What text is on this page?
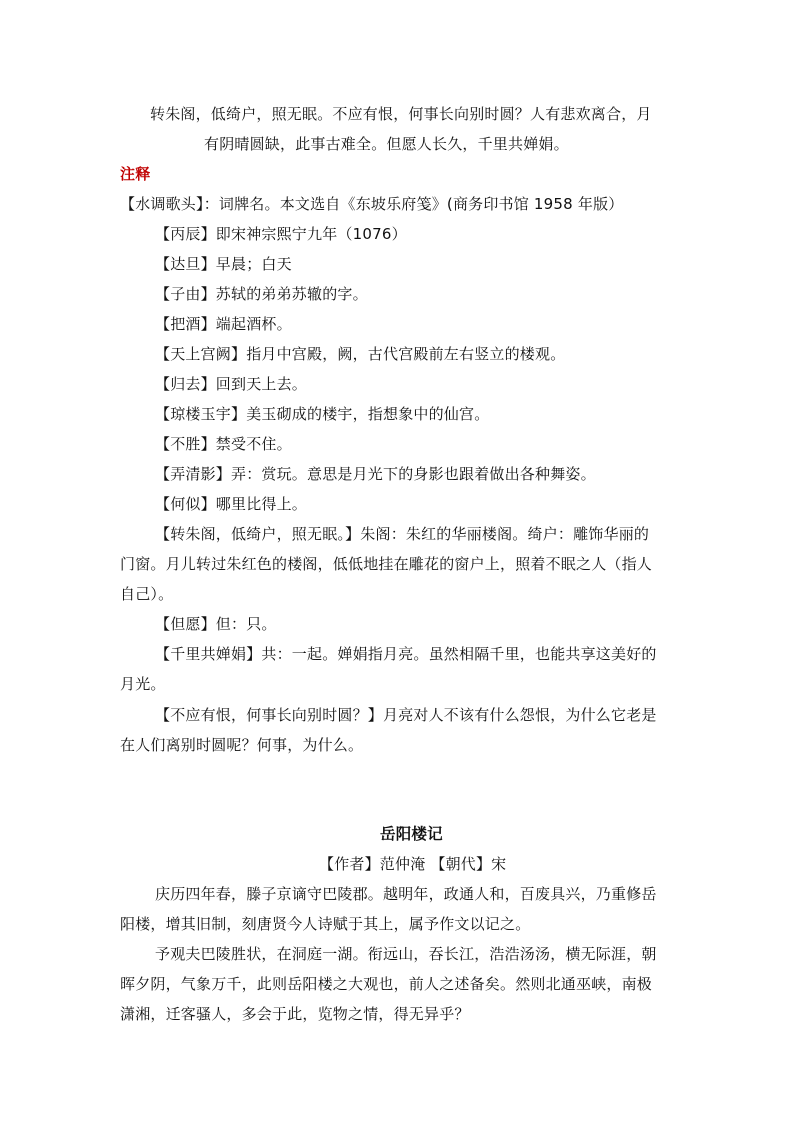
转朱阁，低绮户，照无眠。不应有恨，何事长向别时圆？人有悲欢离合，月
有阴晴圆缺，此事古难全。但愿人长久，千里共婵娟。
注释
【水调歌头】：词牌名。本文选自《东坡乐府笺》(商务印书馆 1958 年版）
【丙辰】即宋神宗熙宁九年（1076）
【达旦】早晨；白天
【子由】苏轼的弟弟苏辙的字。
【把酒】端起酒杯。
【天上宫阙】指月中宫殿，阙，古代宫殿前左右竖立的楼观。
【归去】回到天上去。
【琼楼玉宇】美玉砌成的楼宇，指想象中的仙宫。
【不胜】禁受不住。
【弄清影】弄：赏玩。意思是月光下的身影也跟着做出各种舞姿。
【何似】哪里比得上。
【转朱阁，低绮户，照无眠。】朱阁：朱红的华丽楼阁。绮户：雕饰华丽的
门窗。月儿转过朱红色的楼阁，低低地挂在雕花的窗户上，照着不眠之人（指人
自己）。
【但愿】但：只。
【千里共婵娟】共：一起。婵娟指月亮。虽然相隔千里，也能共享这美好的
月光。
【不应有恨，何事长向别时圆？】月亮对人不该有什么怨恨，为什么它老是
在人们离别时圆呢？何事，为什么。
岳阳楼记
【作者】范仲淹 【朝代】宋
庆历四年春，滕子京谪守巴陵郡。越明年，政通人和，百废具兴，乃重修岳
阳楼，增其旧制，刻唐贤今人诗赋于其上，属予作文以记之。
予观夫巴陵胜状，在洞庭一湖。衔远山，吞长江，浩浩汤汤，横无际涯，朝
晖夕阴，气象万千，此则岳阳楼之大观也，前人之述备矣。然则北通巫峡，南极
潇湘，迁客骚人，多会于此，览物之情，得无异乎？
